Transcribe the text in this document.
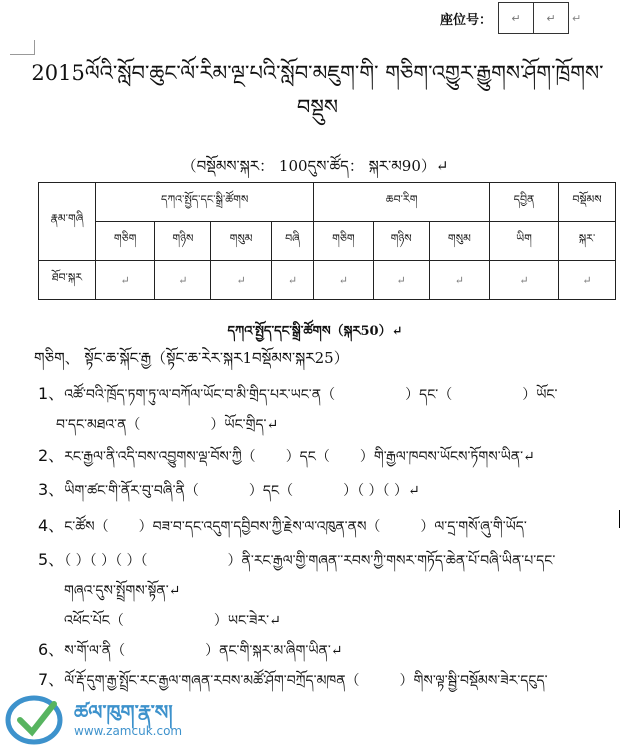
座位号：	↵	↵	↵
2015ལོའི་སློབ་ཆུང་ལོ་རིམ་ལྔ་པའི་སློབ་མཇུག་གི་ གཅིག་འགྱུར་རྒྱུགས་ཤོག་ཁྲོགས་བསྡུས
（བསྡོམས་སྐར： 100དུས་ཚོད： སྐར་མ90）↵
རྣམ་གཞི	དཀའ་སྤྱོད་དང་སྒྲི་ཚོགས				ཆབ་རིག			དབྱིན	བསྡོམས
	གཅིག	གཉིས	གསུམ	བཞི	གཅིག	གཉིས	གསུམ	ཡིག	སྐར་
ཐོབ་སྐར	↵	↵	↵	↵	↵	↵	↵	↵	↵
དཀའ་སྤྱོད་དང་སྒྲི་ཚོགས（སྐར50）↵
གཅིག、 སྟོང་ཆ་སྐོང་རྒྱ（སྟོང་ཆ་རེར་སྐར1བསྡོམས་སྐར25）
1、འཚོ་བའི་ཁྲོད་ཏག་ཏུ་ལ་བཀོལ་ཡོང་བ་མི་གྲིད་པར་ཡང་ན（	）དང་（	）ཡོང་
བ་དང་མཐའ་ན（	）ཡོང་གྲིད་↵
2、རང་རྒྱལ་ནི་འདི་བས་འབྱུགས་ལྡ་བོས་ཀྱི（ ）དང（ ）གི་རྒྱལ་ཁབས་ཡོངས་ཏོགས་ཡིན་↵
3、ཡིག་ཚང་གི་ནོར་བུ་བཞི་ནི（	）དང（	）（ ）（ ）↵
4、ང་ཚོས（ ）བཟ་བ་དང་འདུག་དབྱིབས་ཀྱི་རྗེས་ལ་འཁུན་ནས（	）ལ་དྲ་གསོ་ཞུ་གི་ཡོད་
5、（ ）（ ）（ ）（	）ནི་རང་རྒྱལ་གྱི་གཞན་་རབས་ཀྱི་གསར་གཏོད་ཆེན་པོ་བཞི་ཡིན་པ་དང་
གཞའ་དུས་སྤྲོགས་སྟོན་↵
འཕོང་པོང（	）ཡང་ཟེར་↵
6、ས་གོ་ལ་ནི（	）ནང་གི་སྐར་མ་ཞིག་ཡིན་↵
7、ལོ་རྡོ་དུག་རྒྱ་སྤྲོང་རང་རྒྱལ་གཞན་རབས་མཚོ་ཤོག་བཀྲོད་མཁན（	）གིས་ལྟ་སྦྱི་བསྡོམས་ཟེར་དངུད་
ཚལ་ཁུག་རྣ་ས།
www.zamcuk.com
